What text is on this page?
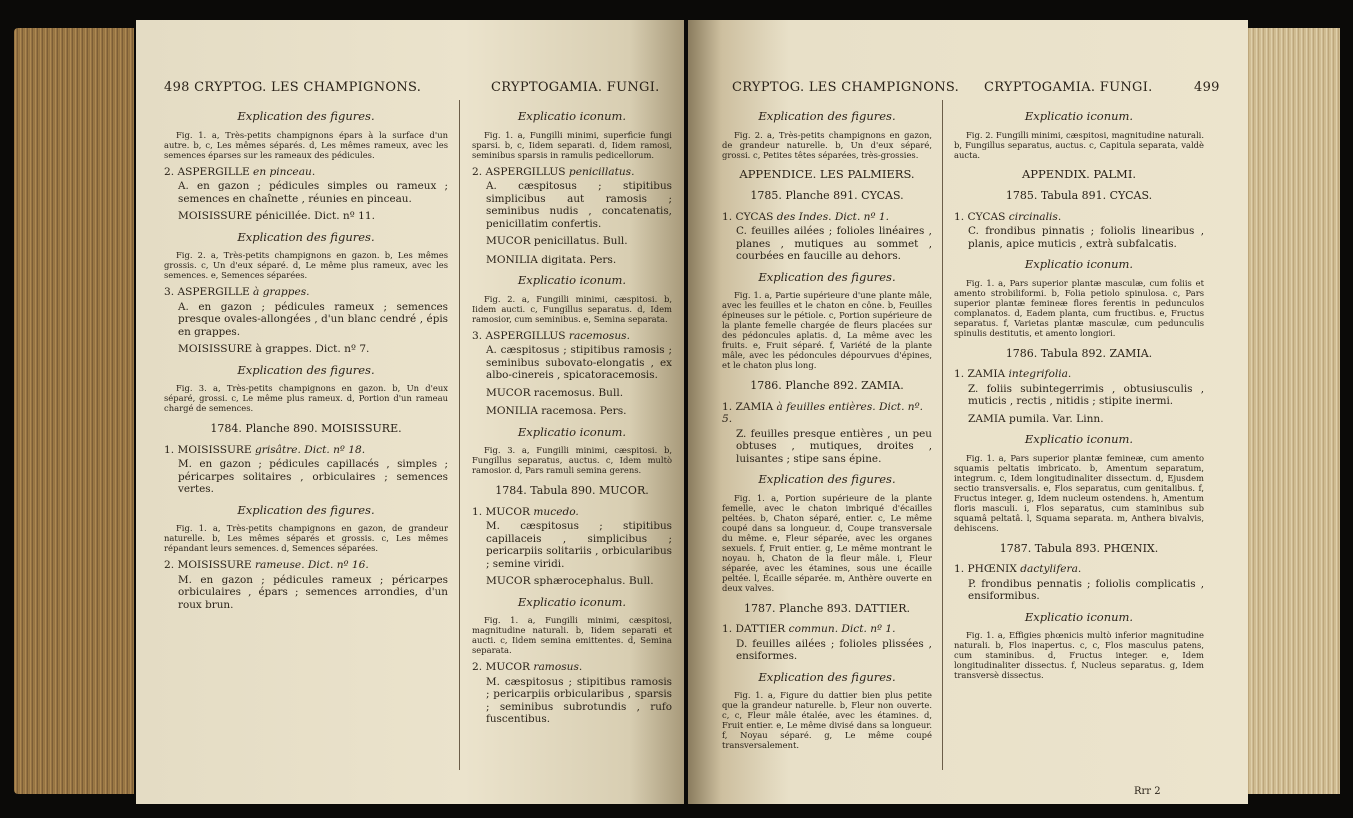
498 CRYPTOG. LES CHAMPIGNONS.	CRYPTOGAMIA. FUNGI.
Explication des figures.
Fig. 1. a, Très-petits champignons épars à la surface d'un autre. b, c, Les mêmes séparés. d, Les mêmes rameux, avec les semences éparses sur les rameaux des pédicules.
2. ASPERGILLE en pinceau.
A. en gazon ; pédicules simples ou rameux ; semences en chaînette , réunies en pinceau.
MOISISSURE pénicillée. Dict. nº 11.
Explication des figures.
Fig. 2. a, Très-petits champignons en gazon. b, Les mêmes grossis. c, Un d'eux séparé. d, Le même plus rameux, avec les semences. e, Semences séparées.
3. ASPERGILLE à grappes.
A. en gazon ; pédicules rameux ; semences presque ovales-allongées , d'un blanc cendré , épis en grappes.
MOISISSURE à grappes. Dict. nº 7.
Explication des figures.
Fig. 3. a, Très-petits champignons en gazon. b, Un d'eux séparé, grossi. c, Le même plus rameux. d, Portion d'un rameau chargé de semences.
1784. Planche 890. MOISISSURE.
1. MOISISSURE grisâtre. Dict. nº 18.
M. en gazon ; pédicules capillacés , simples ; péricarpes solitaires , orbiculaires ; semences vertes.
Explication des figures.
Fig. 1. a, Très-petits champignons en gazon, de grandeur naturelle. b, Les mêmes séparés et grossis. c, Les mêmes répandant leurs semences. d, Semences séparées.
2. MOISISSURE rameuse. Dict. nº 16.
M. en gazon ; pédicules rameux ; péricarpes orbiculaires , épars ; semences arrondies, d'un roux brun.
Explicatio iconum.
Fig. 1. a, Fungilli minimi, superficie fungi sparsi. b, c, Iidem separati. d, Iidem ramosi, seminibus sparsis in ramulis pedicellorum.
2. ASPERGILLUS penicillatus.
A. cæspitosus ; stipitibus simplicibus aut ramosis ; seminibus nudis , concatenatis, penicillatim confertis.
MUCOR penicillatus. Bull.
MONILIA digitata. Pers.
Explicatio iconum.
Fig. 2. a, Fungilli minimi, cæspitosi. b, Iidem aucti. c, Fungillus separatus. d, Idem ramosior, cum seminibus. e, Semina separata.
3. ASPERGILLUS racemosus.
A. cæspitosus ; stipitibus ramosis ; seminibus subovato-elongatis , ex albo-cinereis , spicatoracemosis.
MUCOR racemosus. Bull.
MONILIA racemosa. Pers.
Explicatio iconum.
Fig. 3. a, Fungilli minimi, cæspitosi. b, Fungillus separatus, auctus. c, Idem multò ramosior. d, Pars ramuli semina gerens.
1784. Tabula 890. MUCOR.
1. MUCOR mucedo.
M. cæspitosus ; stipitibus capillaceis , simplicibus ; pericarpiis solitariis , orbicularibus ; semine viridi.
MUCOR sphærocephalus. Bull.
Explicatio iconum.
Fig. 1. a, Fungilli minimi, cæspitosi, magnitudine naturali. b, Iidem separati et aucti. c, Iidem semina emittentes. d, Semina separata.
2. MUCOR ramosus.
M. cæspitosus ; stipitibus ramosis ; pericarpiis orbicularibus , sparsis ; seminibus subrotundis , rufo fuscentibus.
CRYPTOG. LES CHAMPIGNONS. CRYPTOGAMIA. FUNGI.	499
Explication des figures.
Fig. 2. a, Très-petits champignons en gazon, de grandeur naturelle. b, Un d'eux séparé, grossi. c, Petites têtes séparées, très-grossies.
APPENDICE. LES PALMIERS.
1785. Planche 891. CYCAS.
1. CYCAS des Indes. Dict. nº 1.
C. feuilles ailées ; folioles linéaires , planes , mutiques au sommet , courbées en faucille au dehors.
Explication des figures.
Fig. 1. a, Partie supérieure d'une plante mâle, avec les feuilles et le chaton en cône. b, Feuilles épineuses sur le pétiole. c, Portion supérieure de la plante femelle chargée de fleurs placées sur des pédoncules aplatis. d, La même avec les fruits. e, Fruit séparé. f, Variété de la plante mâle, avec les pédoncules dépourvues d'épines, et le chaton plus long.
1786. Planche 892. ZAMIA.
1. ZAMIA à feuilles entières. Dict. nº. 5.
Z. feuilles presque entières , un peu obtuses , mutiques, droites , luisantes ; stipe sans épine.
Explication des figures.
Fig. 1. a, Portion supérieure de la plante femelle, avec le chaton imbriqué d'écailles peltées. b, Chaton séparé, entier. c, Le même coupé dans sa longueur. d, Coupe transversale du même. e, Fleur séparée, avec les organes sexuels. f, Fruit entier. g, Le même montrant le noyau. h, Chaton de la fleur mâle. i, Fleur séparée, avec les étamines, sous une écaille peltée. l, Écaille séparée. m, Anthère ouverte en deux valves.
1787. Planche 893. DATTIER.
1. DATTIER commun. Dict. nº 1.
D. feuilles ailées ; folioles plissées , ensiformes.
Explication des figures.
Fig. 1. a, Figure du dattier bien plus petite que la grandeur naturelle. b, Fleur non ouverte. c, c, Fleur mâle étalée, avec les étamines. d, Fruit entier. e, Le même divisé dans sa longueur. f, Noyau séparé. g, Le même coupé transversalement.
Explicatio iconum.
Fig. 2. Fungilli minimi, cæspitosi, magnitudine naturali. b, Fungillus separatus, auctus. c, Capitula separata, valdè aucta.
APPENDIX. PALMI.
1785. Tabula 891. CYCAS.
1. CYCAS circinalis.
C. frondibus pinnatis ; foliolis linearibus , planis, apice muticis , extrà subfalcatis.
Explicatio iconum.
Fig. 1. a, Pars superior plantæ masculæ, cum foliis et amento strobiliformi. b, Folia petiolo spinulosa. c, Pars superior plantæ femineæ flores ferentis in pedunculos complanatos. d, Eadem planta, cum fructibus. e, Fructus separatus. f, Varietas plantæ masculæ, cum pedunculis spinulis destitutis, et amento longiori.
1786. Tabula 892. ZAMIA.
1. ZAMIA integrifolia.
Z. foliis subintegerrimis , obtusiusculis , muticis , rectis , nitidis ; stipite inermi.
ZAMIA pumila. Var. Linn.
Explicatio iconum.
Fig. 1. a, Pars superior plantæ femineæ, cum amento squamis peltatis imbricato. b, Amentum separatum, integrum. c, Idem longitudinaliter dissectum. d, Ejusdem sectio transversalis. e, Flos separatus, cum genitalibus. f, Fructus integer. g, Idem nucleum ostendens. h, Amentum floris masculi. i, Flos separatus, cum staminibus sub squamâ peltatâ. l, Squama separata. m, Anthera bivalvis, dehiscens.
1787. Tabula 893. PHŒNIX.
1. PHŒNIX dactylifera.
P. frondibus pennatis ; foliolis complicatis , ensiformibus.
Explicatio iconum.
Fig. 1. a, Effigies phœnicis multò inferior magnitudine naturali. b, Flos inapertus. c, c, Flos masculus patens, cum staminibus. d, Fructus integer. e, Idem longitudinaliter dissectus. f, Nucleus separatus. g, Idem transversè dissectus.
Rrr 2
